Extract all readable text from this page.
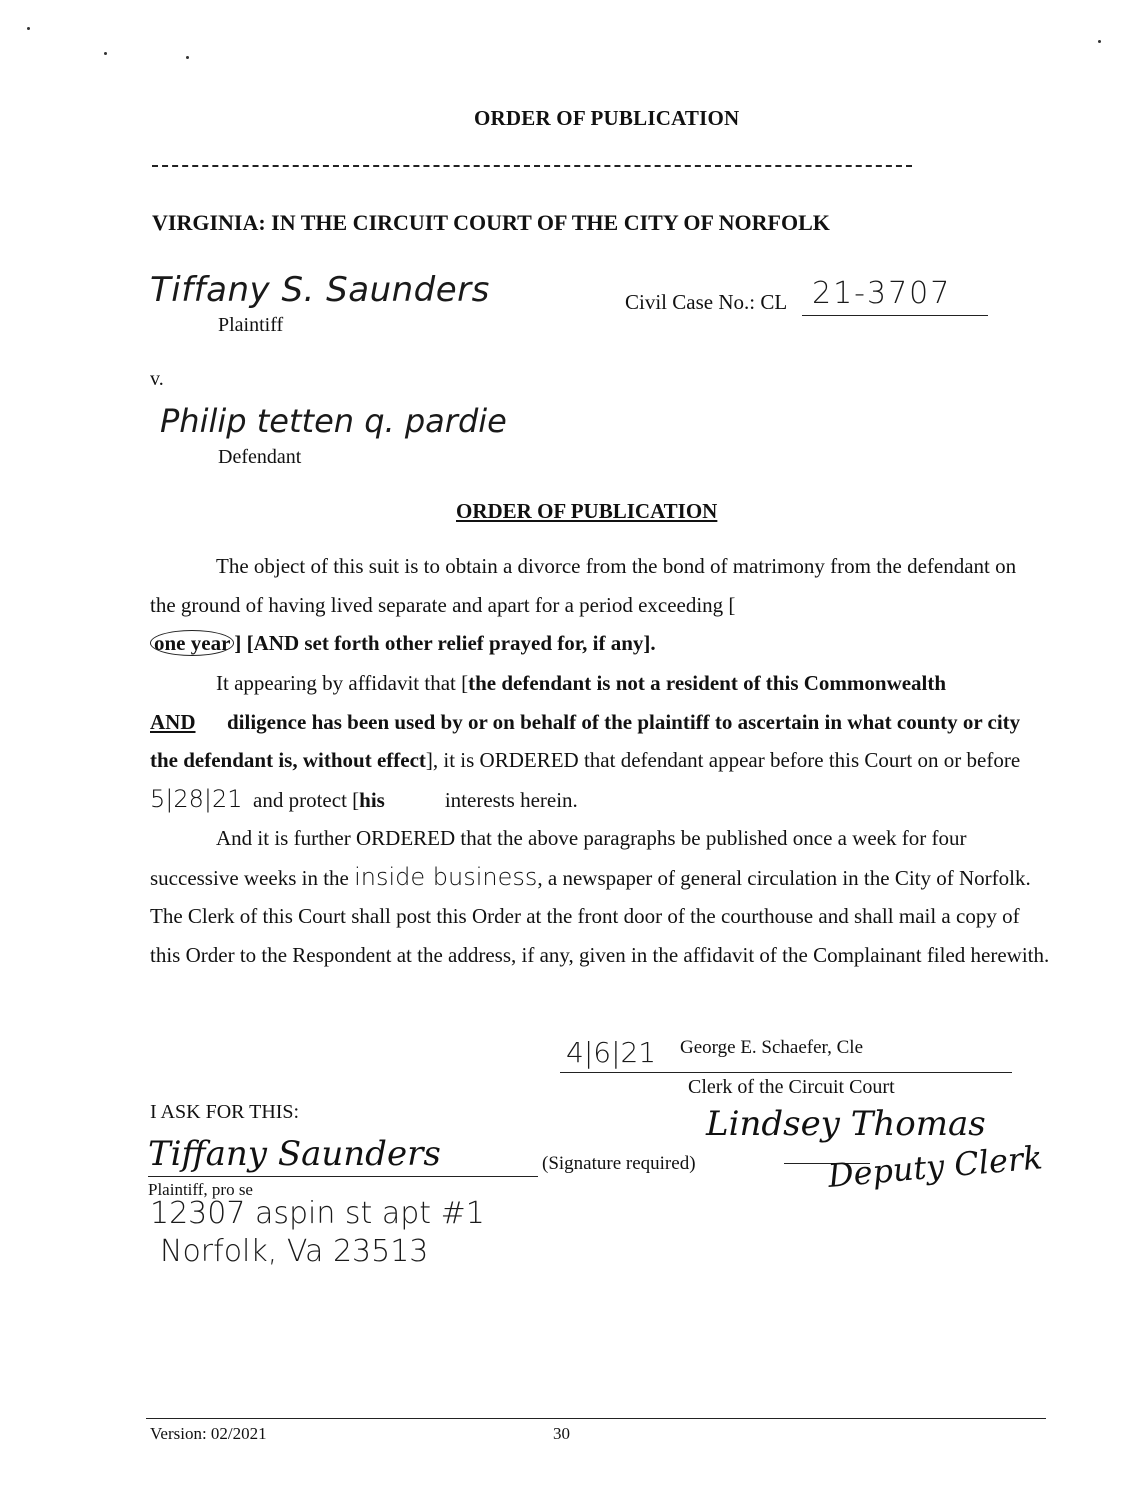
ORDER OF PUBLICATION
VIRGINIA: IN THE CIRCUIT COURT OF THE CITY OF NORFOLK
Tiffany S. Saunders
Plaintiff
Civil Case No.: CL 21-3707
v.
Philip tetten q. pardie
Defendant
ORDER OF PUBLICATION
The object of this suit is to obtain a divorce from the bond of matrimony from the defendant on the ground of having lived separate and apart for a period exceeding [
one year ] [AND set forth other relief prayed for, if any].
It appearing by affidavit that [the defendant is not a resident of this Commonwealth
AND diligence has been used by or on behalf of the plaintiff to ascertain in what county or city the defendant is, without effect], it is ORDERED that defendant appear before this Court on or before 5|28|21 and protect [his	interests herein.
And it is further ORDERED that the above paragraphs be published once a week for four successive weeks in the inside business, a newspaper of general circulation in the City of Norfolk. The Clerk of this Court shall post this Order at the front door of the courthouse and shall mail a copy of this Order to the Respondent at the address, if any, given in the affidavit of the Complainant filed herewith.
4|6|21 George E. Schaefer, Cle
Clerk of the Circuit Court
Lindsey Thomas
Deputy Clerk
I ASK FOR THIS:
Tiffany Saunders	(Signature required)
Plaintiff, pro se
12307 aspin st apt #1
Norfolk, Va 23513
Version: 02/2021	30
